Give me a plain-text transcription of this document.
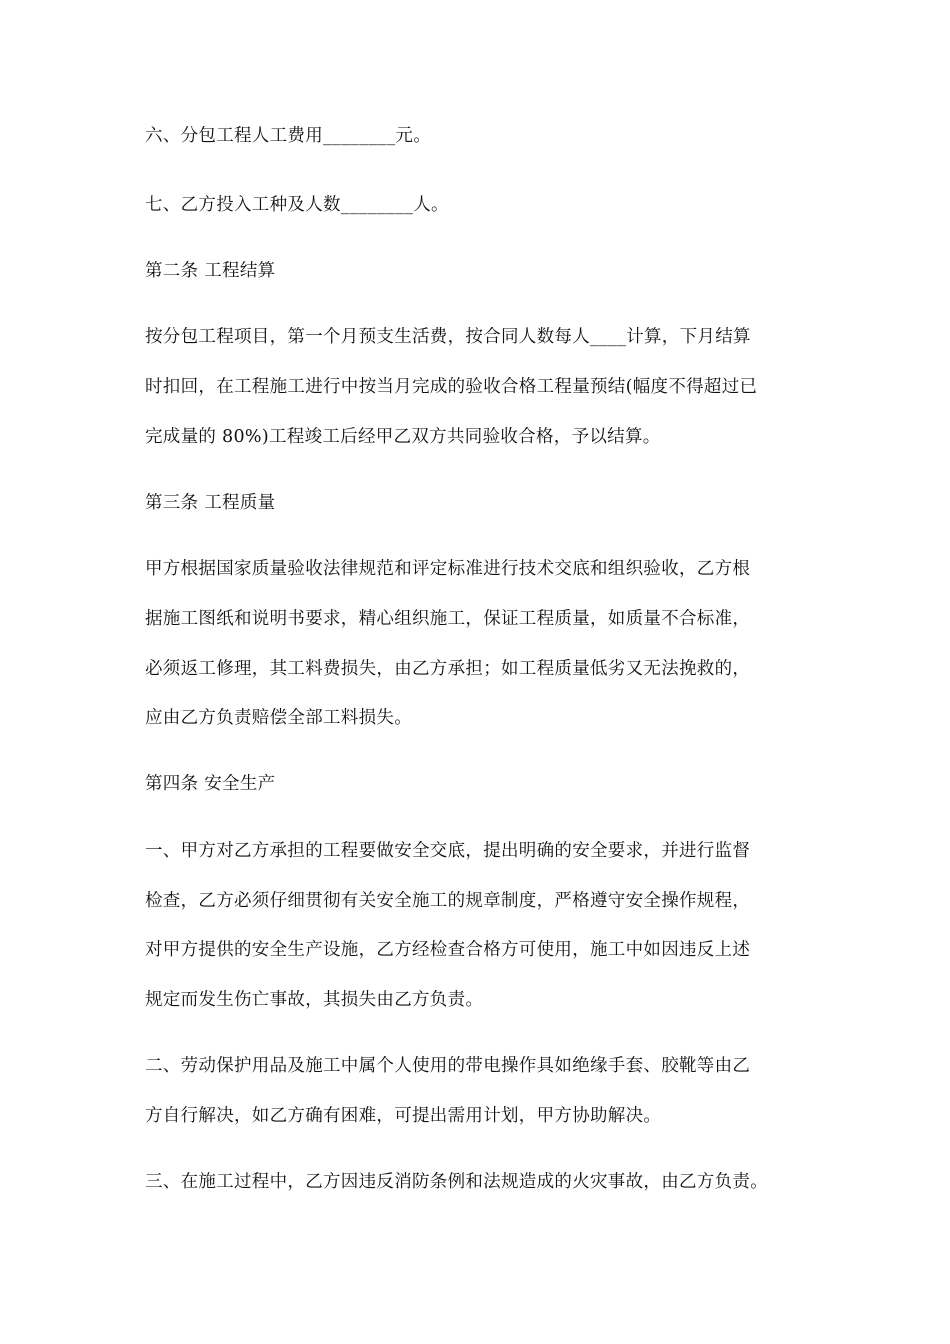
六、分包工程人工费用________元。
七、乙方投入工种及人数________人。
第二条 工程结算
按分包工程项目，第一个月预支生活费，按合同人数每人____计算，下月结算
时扣回，在工程施工进行中按当月完成的验收合格工程量预结(幅度不得超过已
完成量的 80%)工程竣工后经甲乙双方共同验收合格，予以结算。
第三条 工程质量
甲方根据国家质量验收法律规范和评定标准进行技术交底和组织验收，乙方根
据施工图纸和说明书要求，精心组织施工，保证工程质量，如质量不合标准，
必须返工修理，其工料费损失，由乙方承担；如工程质量低劣又无法挽救的，
应由乙方负责赔偿全部工料损失。
第四条 安全生产
一、甲方对乙方承担的工程要做安全交底，提出明确的安全要求，并进行监督
检查，乙方必须仔细贯彻有关安全施工的规章制度，严格遵守安全操作规程，
对甲方提供的安全生产设施，乙方经检查合格方可使用，施工中如因违反上述
规定而发生伤亡事故，其损失由乙方负责。
二、劳动保护用品及施工中属个人使用的带电操作具如绝缘手套、胶靴等由乙
方自行解决，如乙方确有困难，可提出需用计划，甲方协助解决。
三、在施工过程中，乙方因违反消防条例和法规造成的火灾事故，由乙方负责。
